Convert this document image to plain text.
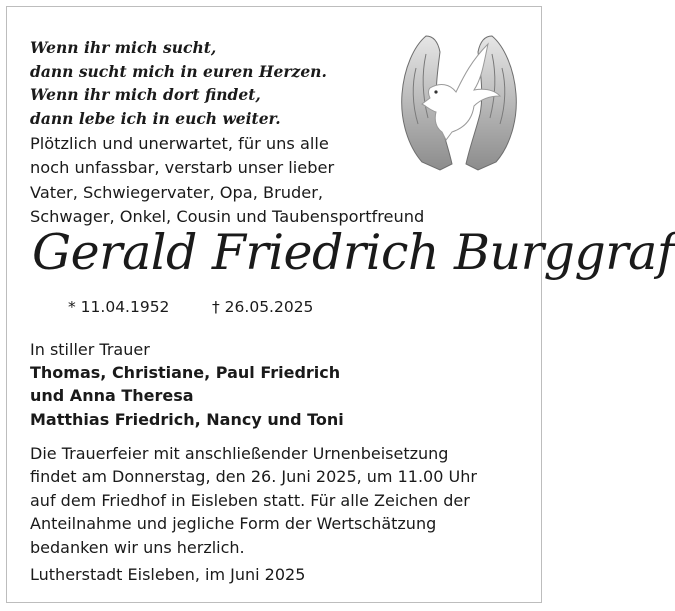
Wenn ihr mich sucht,
dann sucht mich in euren Herzen.
Wenn ihr mich dort findet,
dann lebe ich in euch weiter.
Plötzlich und unerwartet, für uns alle
noch unfassbar, verstarb unser lieber
Vater, Schwiegervater, Opa, Bruder,
Schwager, Onkel, Cousin und Taubensportfreund
Gerald Friedrich Burggraf
* 11.04.1952	† 26.05.2025
In stiller Trauer
Thomas, Christiane, Paul Friedrich
und Anna Theresa
Matthias Friedrich, Nancy und Toni
Die Trauerfeier mit anschließender Urnenbeisetzung
findet am Donnerstag, den 26. Juni 2025, um 11.00 Uhr
auf dem Friedhof in Eisleben statt. Für alle Zeichen der
Anteilnahme und jegliche Form der Wertschätzung
bedanken wir uns herzlich.
Lutherstadt Eisleben, im Juni 2025
